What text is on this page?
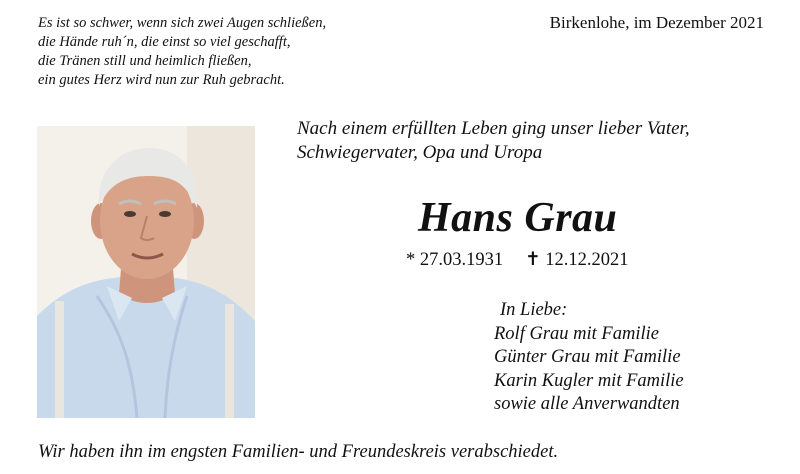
Es ist so schwer, wenn sich zwei Augen schließen,
die Hände ruh´n, die einst so viel geschafft,
die Tränen still und heimlich fließen,
ein gutes Herz wird nun zur Ruh gebracht.
Birkenlohe, im Dezember 2021
Nach einem erfüllten Leben ging unser lieber Vater,
Schwiegervater, Opa und Uropa
Hans Grau
* 27.03.1931 ✝ 12.12.2021
In Liebe:
Rolf Grau mit Familie
Günter Grau mit Familie
Karin Kugler mit Familie
sowie alle Anverwandten
Wir haben ihn im engsten Familien- und Freundeskreis verabschiedet.
